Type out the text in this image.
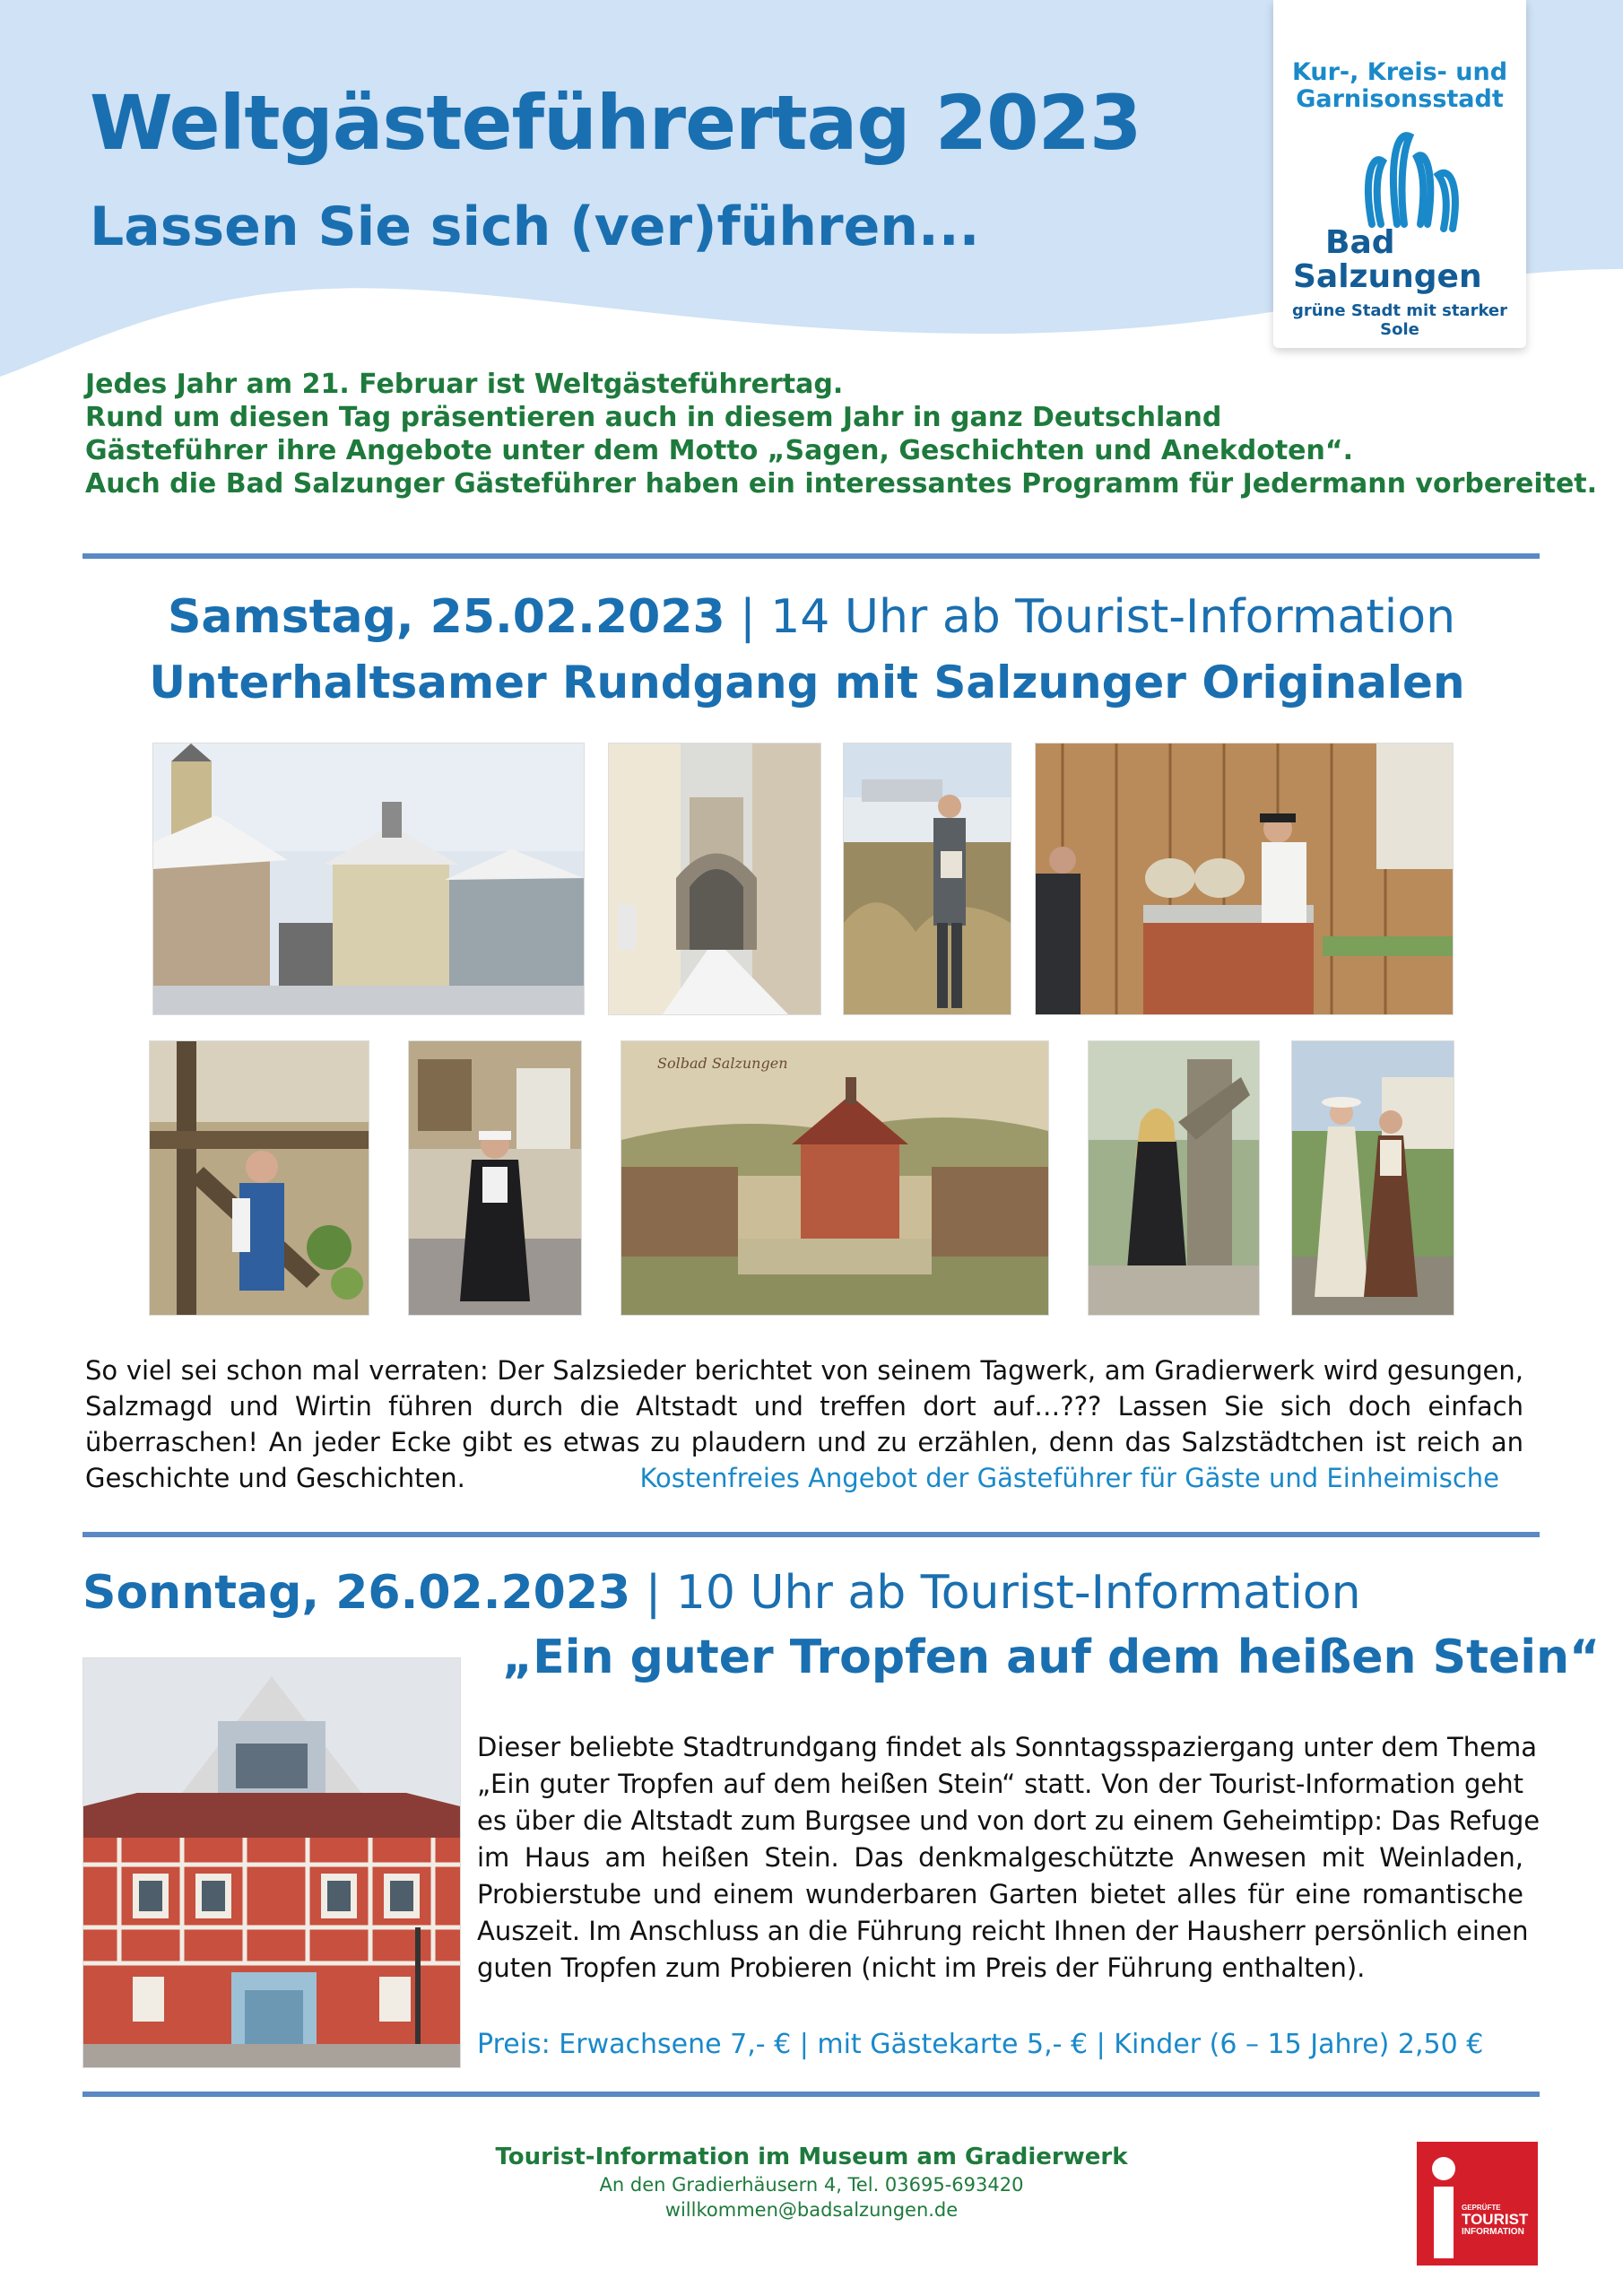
Weltgästeführertag 2023
Lassen Sie sich (ver)führen...
Kur-, Kreis- und
Garnisonsstadt
Bad
Salzungen
grüne Stadt mit starker Sole
Jedes Jahr am 21. Februar ist Weltgästeführertag.
Rund um diesen Tag präsentieren auch in diesem Jahr in ganz Deutschland
Gästeführer ihre Angebote unter dem Motto „Sagen, Geschichten und Anekdoten“.
Auch die Bad Salzunger Gästeführer haben ein interessantes Programm für Jedermann vorbereitet.
Samstag, 25.02.2023 | 14 Uhr ab Tourist-Information
Unterhaltsamer Rundgang mit Salzunger Originalen
Solbad Salzungen
So viel sei schon mal verraten: Der Salzsieder berichtet von seinem Tagwerk, am Gradierwerk wird gesungen,
Salzmagd und Wirtin führen durch die Altstadt und treffen dort auf…??? Lassen Sie sich doch einfach
überraschen! An jeder Ecke gibt es etwas zu plaudern und zu erzählen, denn das Salzstädtchen ist reich an
Geschichte und Geschichten.	Kostenfreies Angebot der Gästeführer für Gäste und Einheimische
Sonntag, 26.02.2023 | 10 Uhr ab Tourist-Information
„Ein guter Tropfen auf dem heißen Stein“
Dieser beliebte Stadtrundgang findet als Sonntagsspaziergang unter dem Thema
„Ein guter Tropfen auf dem heißen Stein“ statt. Von der Tourist-Information geht
es über die Altstadt zum Burgsee und von dort zu einem Geheimtipp: Das Refuge
im Haus am heißen Stein. Das denkmalgeschützte Anwesen mit Weinladen,
Probierstube und einem wunderbaren Garten bietet alles für eine romantische
Auszeit. Im Anschluss an die Führung reicht Ihnen der Hausherr persönlich einen
guten Tropfen zum Probieren (nicht im Preis der Führung enthalten).
Preis: Erwachsene 7,- € | mit Gästekarte 5,- € | Kinder (6 – 15 Jahre) 2,50 €
Tourist-Information im Museum am Gradierwerk
An den Gradierhäusern 4, Tel. 03695-693420
willkommen@badsalzungen.de	GEPRÜFTE
TOURIST
INFORMATION
